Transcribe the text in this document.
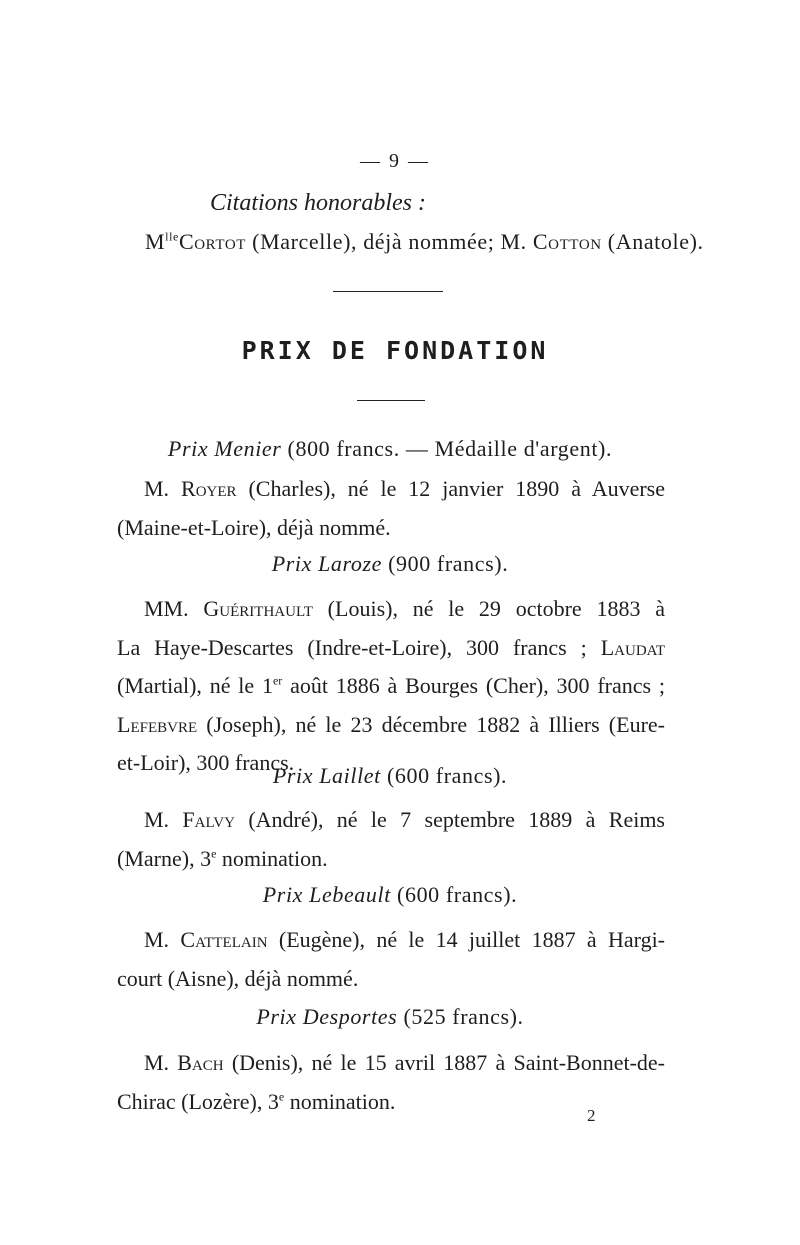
— 9 —
Citations honorables :
$M^{lle}Cortot$ (Marcelle), déjà nommée; M. Cotton (Anatole).
PRIX DE FONDATION
Prix Menier (800 francs. — Médaille d'argent).
M. Royer (Charles), né le 12 janvier 1890 à Auverse
(Maine-et-Loire), déjà nommé.
Prix Laroze (900 francs).
MM. Guérithault (Louis), né le 29 octobre 1883 à
La Haye-Descartes (Indre-et-Loire), 300 francs ; Laudat
(Martial), né le 1er août 1886 à Bourges (Cher), 300 francs ;
Lefebvre (Joseph), né le 23 décembre 1882 à Illiers (Eure-
et-Loir), 300 francs.
Prix Laillet (600 francs).
M. Falvy (André), né le 7 septembre 1889 à Reims
(Marne), 3e nomination.
Prix Lebeault (600 francs).
M. Cattelain (Eugène), né le 14 juillet 1887 à Hargi-
court (Aisne), déjà nommé.
Prix Desportes (525 francs).
M. Bach (Denis), né le 15 avril 1887 à Saint-Bonnet-de-
Chirac (Lozère), 3e nomination.
2
